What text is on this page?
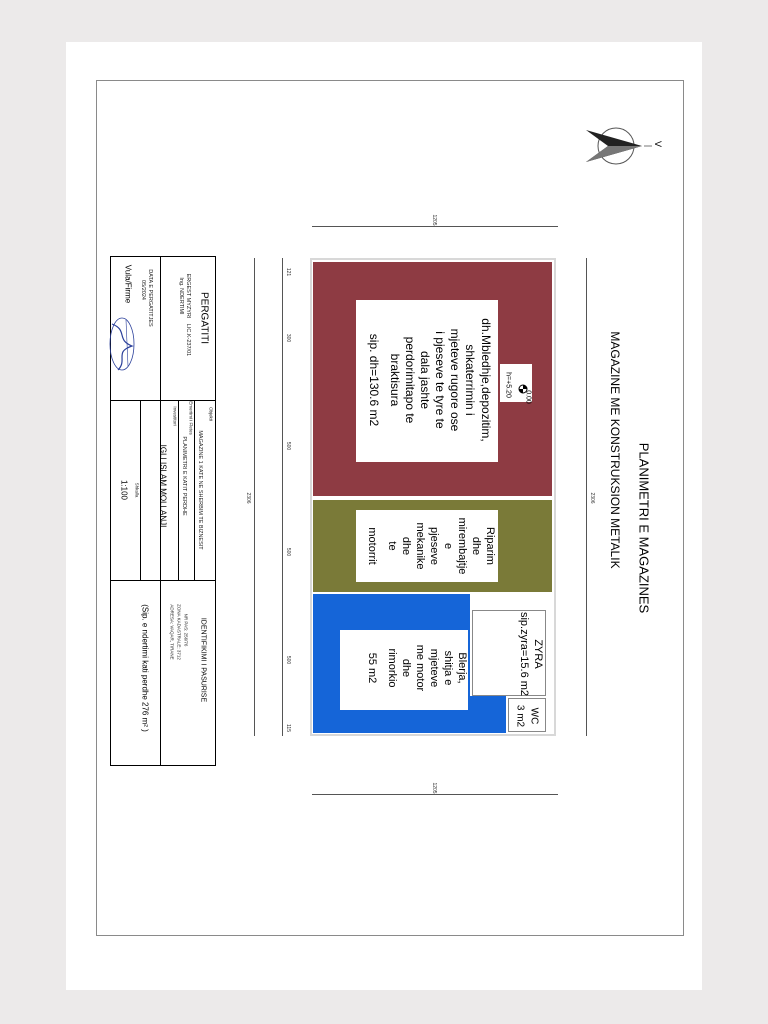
PLANIMETRI E MAGAZINES
MAGAZINE ME KONSTRUKSION METALIK
V
1205
1205
2306
2306
121
300
500
500
500
115
dh.Mbledhje,depozitim,
shkaterrimin i
mjeteve rugore ose
i pjeseve te tyre te
dala jashte
perdorimitapo te
braktisura
sip. dh=130.6 m2	0.00
h=+5.20
Riparim
dhe
mirembajtje
e
pjeseve
mekanike
dhe
te
motorrit
ZYRA
sip.zyra=15.6 m2
WC
3 m2
Blerja,
shitja e
mjeteve
me motor
dhe
rimorkio
55 m2
PERGATITI
ERGEST MYZYRI
LIC.K-237/01
Ing. NDERTIMI
DATA E PERGATITJES
05/2024
Vula/Firme
Objekti
MAGAZINE 1 KATE NE SHERBIM TE BIZNESIT
Emertimi i Fletes
PLANIMETRI E KATIT PERDHE
Investitori
IGLI ISLAM MOLLANJI
Shkalla
1:100
IDENTIFIKIMI I PASURISE
NR PAS: 256/76
ZONA KADASTRALE: 3712
ADRESA: VAQAR, TIRANE
(Sip. e ndertimi kati perdhe 276 m² )
